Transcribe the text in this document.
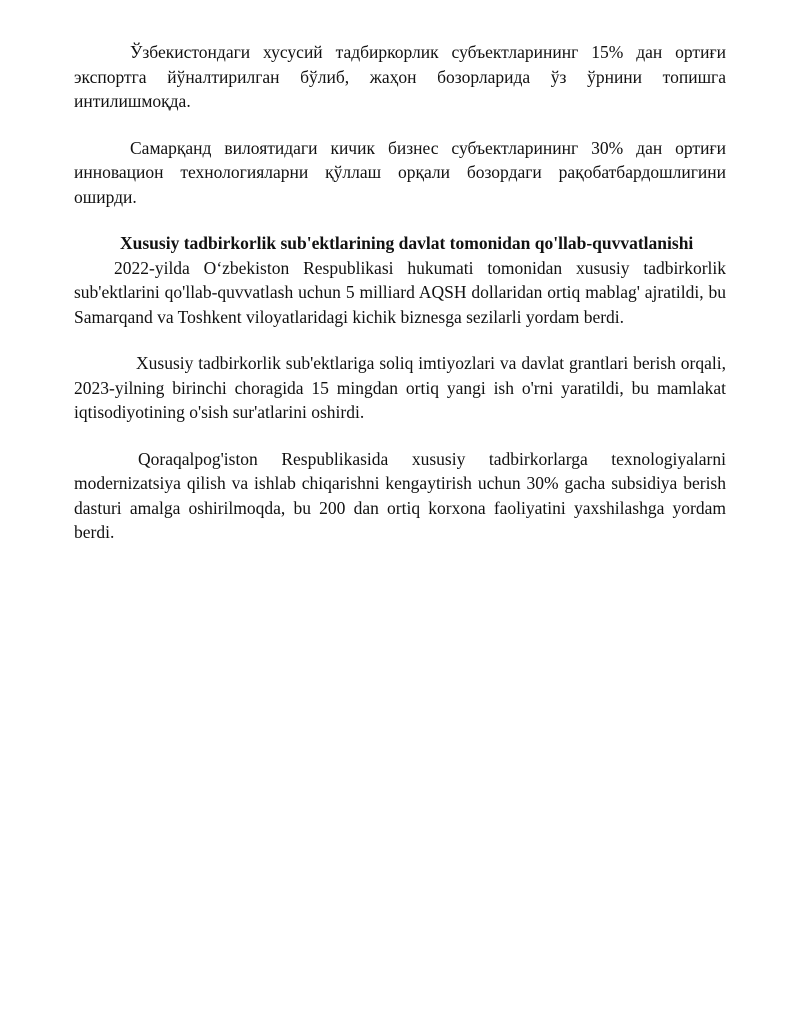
Ўзбекистондаги хусусий тадбиркорлик субъектларининг 15% дан ортиғи экспортга йўналтирилган бўлиб, жаҳон бозорларида ўз ўрнини топишга интилишмоқда.

Самарқанд вилоятидаги кичик бизнес субъектларининг 30% дан ортиғи инновацион технологияларни қўллаш орқали бозордаги рақобатбардошлигини оширди.

Xususiy tadbirkorlik sub'ektlarining davlat tomonidan qo'llab-quvvatlanishi

2022-yilda Oʻzbekiston Respublikasi hukumati tomonidan xususiy tadbirkorlik sub'ektlarini qo'llab-quvvatlash uchun 5 milliard AQSH dollaridan ortiq mablag' ajratildi, bu Samarqand va Toshkent viloyatlaridagi kichik biznesga sezilarli yordam berdi.

Xususiy tadbirkorlik sub'ektlariga soliq imtiyozlari va davlat grantlari berish orqali, 2023-yilning birinchi choragida 15 mingdan ortiq yangi ish o'rni yaratildi, bu mamlakat iqtisodiyotining o'sish sur'atlarini oshirdi.

Qoraqalpog'iston Respublikasida xususiy tadbirkorlarga texnologiyalarni modernizatsiya qilish va ishlab chiqarishni kengaytirish uchun 30% gacha subsidiya berish dasturi amalga oshirilmoqda, bu 200 dan ortiq korxona faoliyatini yaxshilashga yordam berdi.
